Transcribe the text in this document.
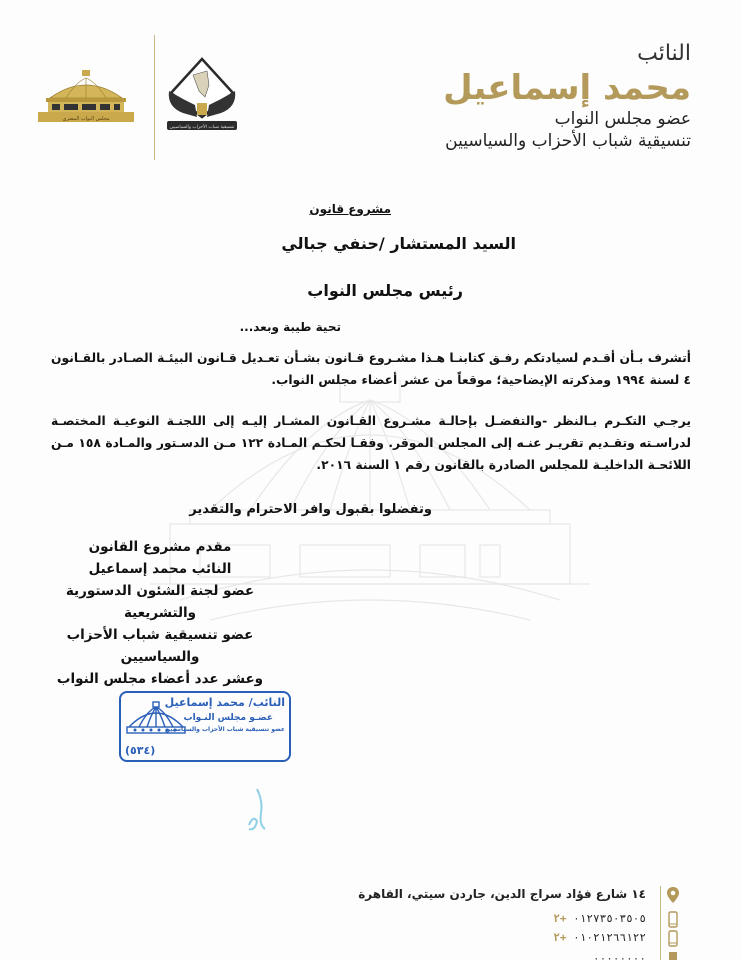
النائب
محمد إسماعيل
عضو مجلس النواب
تنسيقية شباب الأحزاب والسياسيين
مجلس النواب المصري
تنسيقية شباب الأحزاب والسياسيين
مشروع قانون
السيد المستشار /حنفي جبالي
رئيس مجلس النواب
تحية طيبة وبعد...
أتشرف بـأن أقـدم لسيادتكم رفـق كتابنـا هـذا مشـروع قـانون بشـأن تعـديل قـانون البيئـة الصـادر بالقـانون ٤ لسنة ١٩٩٤ ومذكرته الإيضاحية؛ موقعاً من عشر أعضاء مجلس النواب.
يرجـي التكـرم بـالنظر -والتفضـل بإحالـة مشـروع القـانون المشـار إليـه إلى اللجنـة النوعيـة المختصـة لدراسـته وتقـديم تقريـر عنـه إلى المجلس الموقر. وفقـا لحكـم المـادة ١٢٢ مـن الدسـتور والمـادة ١٥٨ مـن اللائحـة الداخليـة للمجلس الصادرة بالقانون رقم ١ السنة ٢٠١٦.
وتفضلوا بقبول وافر الاحترام والتقدير
مقدم مشروع القانون
النائب محمد إسماعيل
عضو لجنة الشئون الدستورية والتشريعية
عضو تنسيقية شباب الأحزاب والسياسيين
وعشر عدد أعضاء مجلس النواب
النائب/ محمد إسماعيل
عضـو مجلس النـواب
عضو تنسيقية شباب الأحزاب والسياسيين
(٥٣٤)
١٤ شارع فؤاد سراج الدين، جاردن سيتي، القاهرة
٠١٢٧٣٥٠٣٥٠٥ +٢
٠١٠٢١٢٦٦١٢٢ +٢
٠٠٠٠٠٠٠٠
